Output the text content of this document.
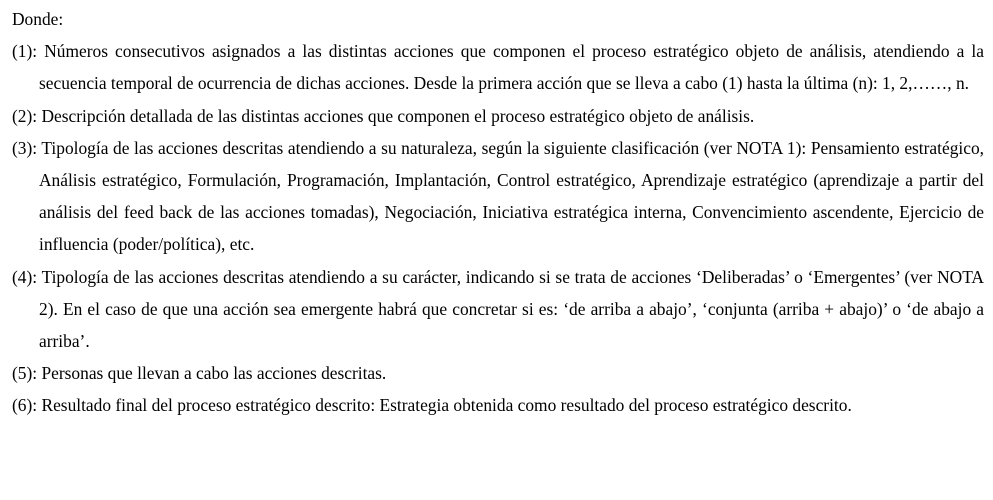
Donde:

(1): Números consecutivos asignados a las distintas acciones que componen el proceso estratégico objeto de análisis, atendiendo a la secuencia temporal de ocurrencia de dichas acciones. Desde la primera acción que se lleva a cabo (1) hasta la última (n): 1, 2,……, n.
(2): Descripción detallada de las distintas acciones que componen el proceso estratégico objeto de análisis.
(3): Tipología de las acciones descritas atendiendo a su naturaleza, según la siguiente clasificación (ver NOTA 1): Pensamiento estratégico, Análisis estratégico, Formulación, Programación, Implantación, Control estratégico, Aprendizaje estratégico (aprendizaje a partir del análisis del feed back de las acciones tomadas), Negociación, Iniciativa estratégica interna, Convencimiento ascendente, Ejercicio de influencia (poder/política), etc.
(4): Tipología de las acciones descritas atendiendo a su carácter, indicando si se trata de acciones ‘Deliberadas’ o ‘Emergentes’ (ver NOTA 2). En el caso de que una acción sea emergente habrá que concretar si es: ‘de arriba a abajo’, ‘conjunta (arriba + abajo)’ o ‘de abajo a arriba’.
(5): Personas que llevan a cabo las acciones descritas.
(6): Resultado final del proceso estratégico descrito: Estrategia obtenida como resultado del proceso estratégico descrito.
